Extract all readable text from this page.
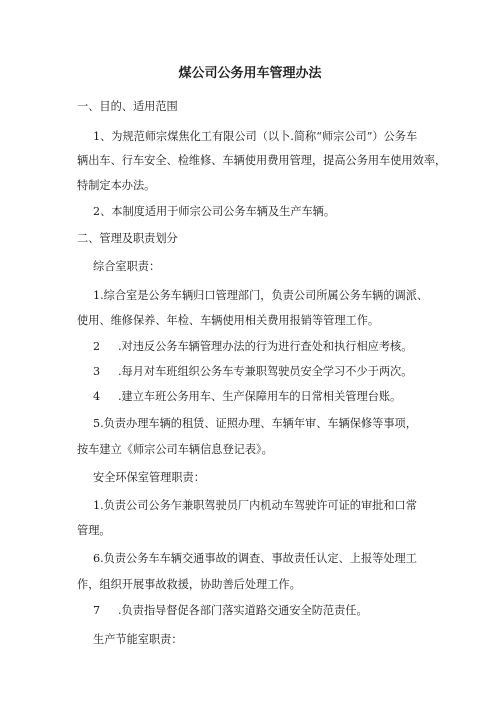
煤公司公务用车管理办法
一、目的、适用范围
1、为规范师宗煤焦化工有限公司（以卜.简称“师宗公司”）公务车
辆出车、行车安全、检维修、车辆使用费用管理，提高公务用车使用效率，
特制定本办法。
2、本制度适用于师宗公司公务车辆及生产车辆。
二、管理及职责划分
综合室职责：
1.综合室是公务车辆归口管理部门，负责公司所属公务车辆的调派、
使用、维修保养、年检、车辆使用相关费用报销等管理工作。
2 .对违反公务车辆管理办法的行为进行查处和执行相应考核。
3 .每月对车班组织公务车专兼职驾驶员安全学习不少于两次。
4 .建立车班公务用车、生产保障用车的日常相关管理台账。
5.负责办理车辆的租赁、证照办理、车辆年审、车辆保修等事项，
按车建立《师宗公司车辆信息登记表》。
安全环保室管理职责：
1.负责公司公务乍兼职驾驶员厂内机动车驾驶许可证的审批和口常
管理。
6.负责公务车车辆交通事故的调查、事故责任认定、上报等处理工
作，组织开展事故救援，协助善后处理工作。
7 .负责指导督促各部门落实道路交通安全防范责任。
生产节能室职责：
